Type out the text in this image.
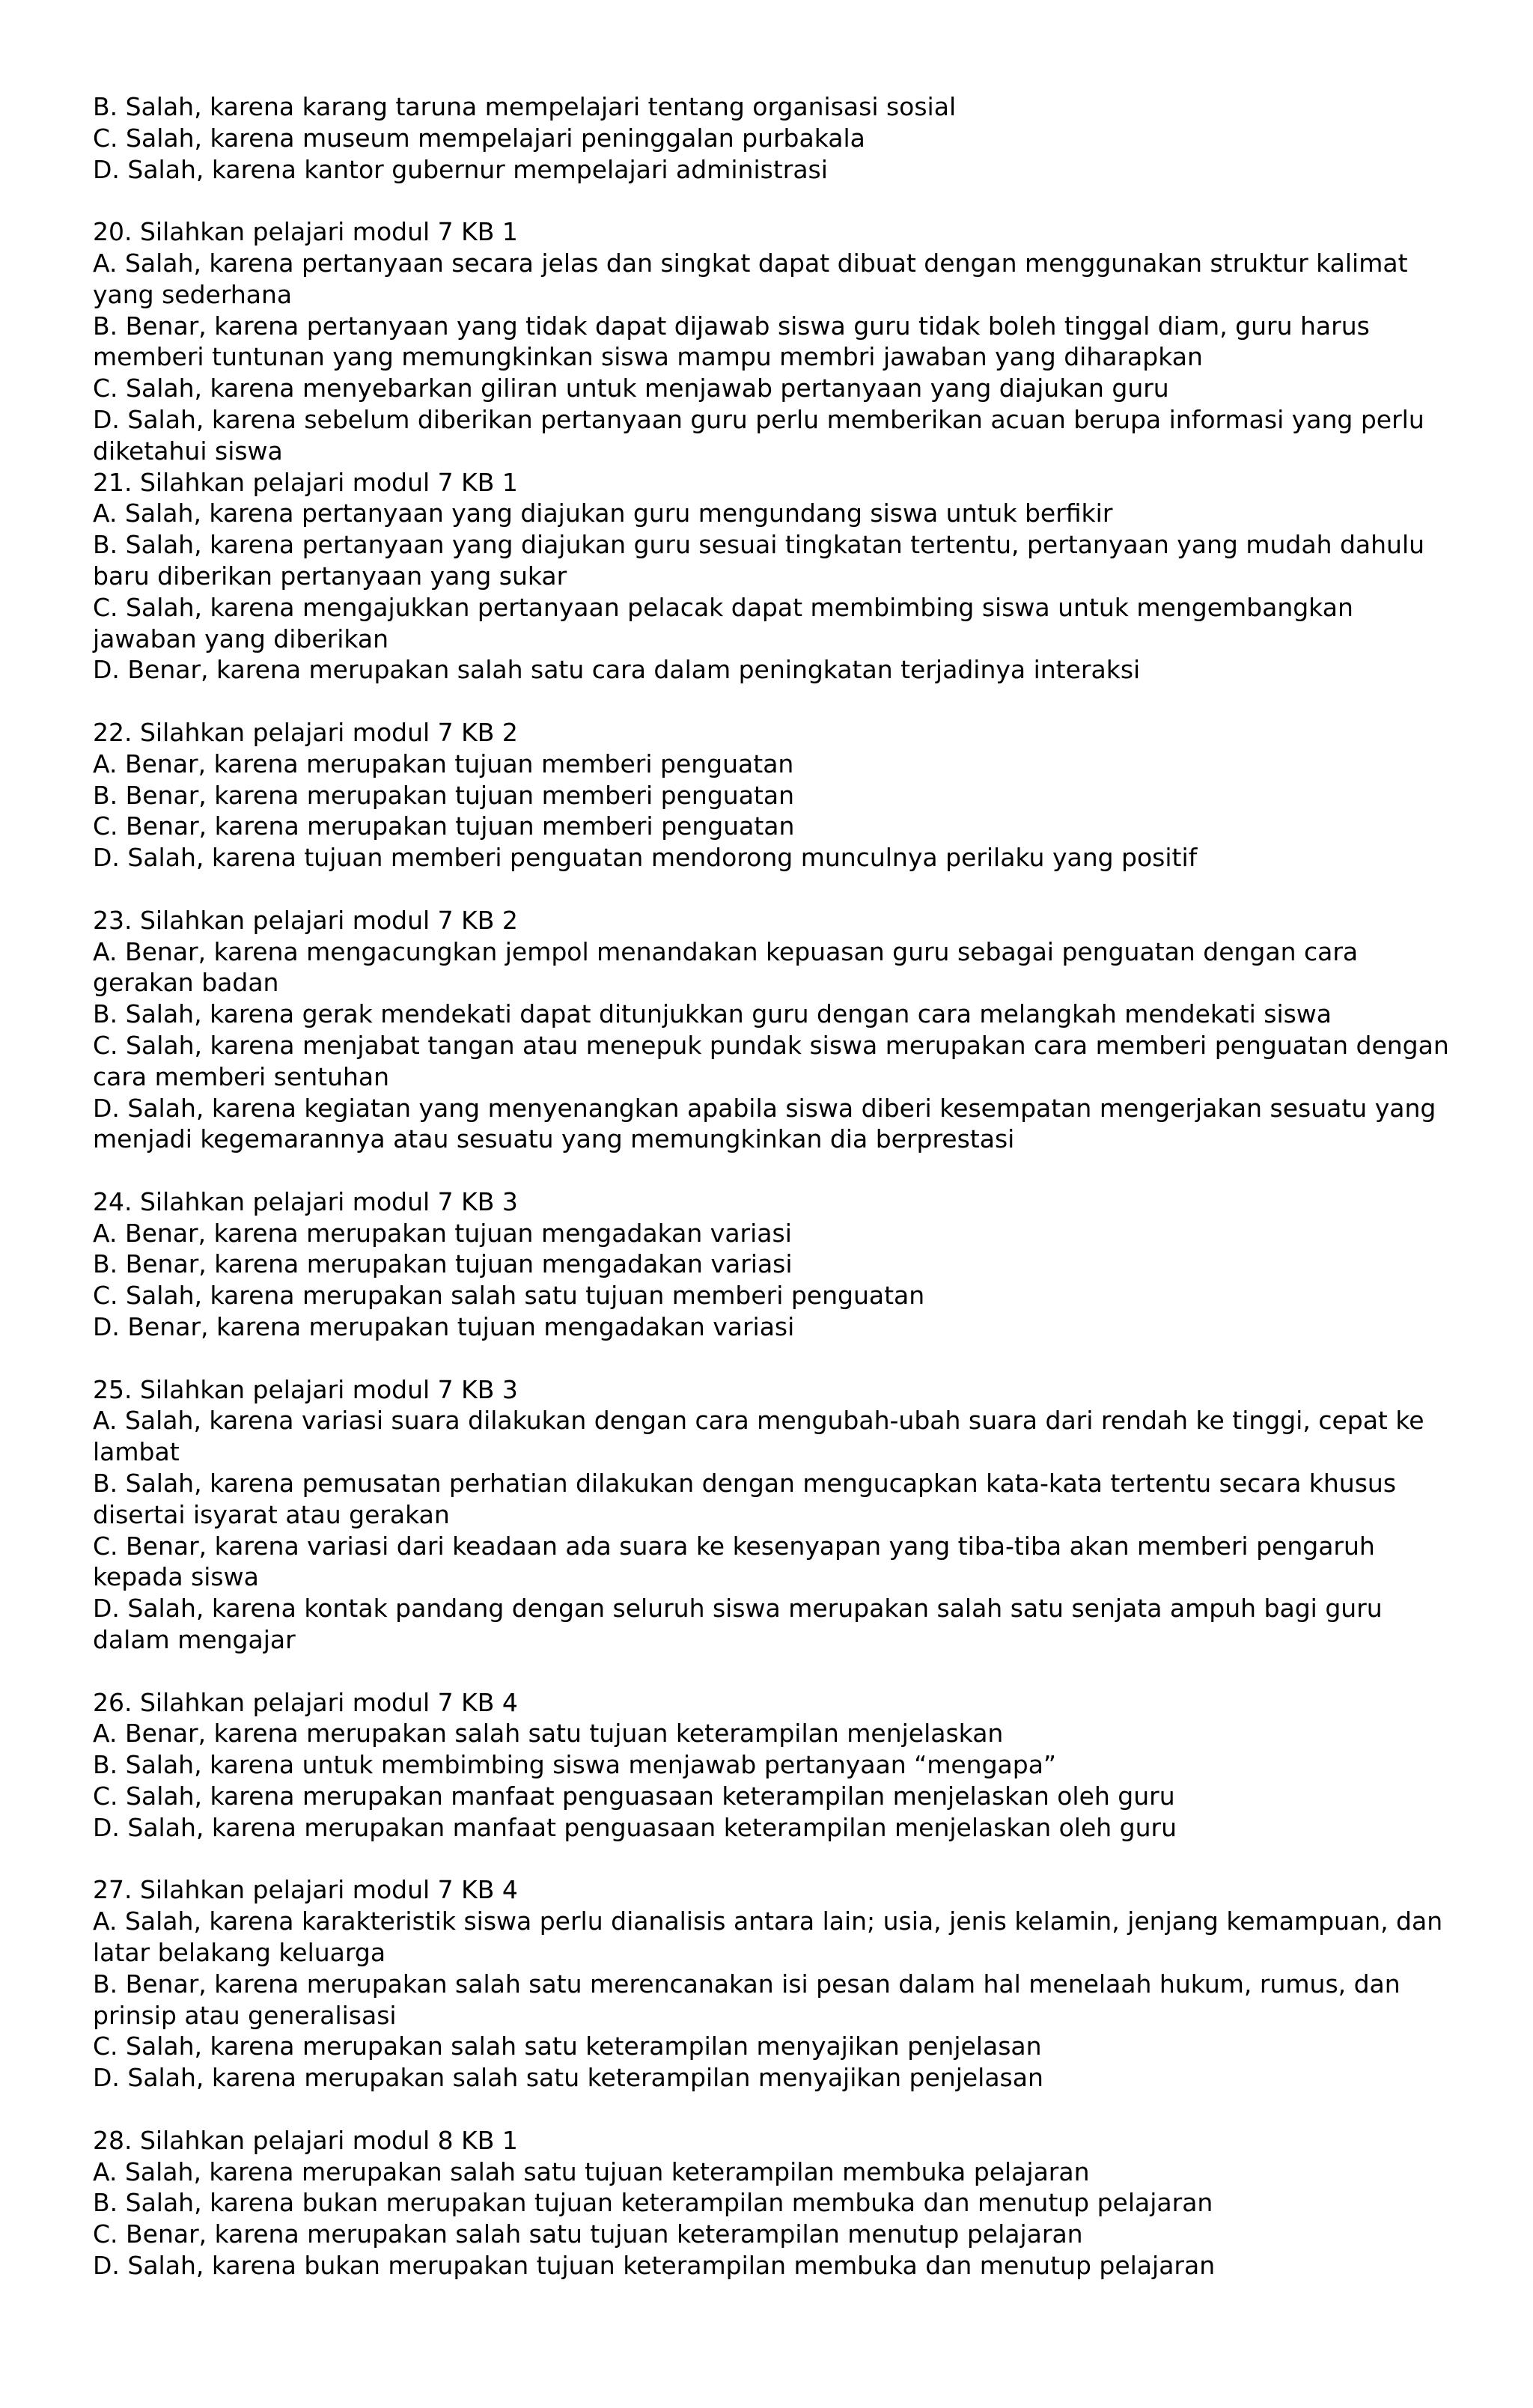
B. Salah, karena karang taruna mempelajari tentang organisasi sosial
C. Salah, karena museum mempelajari peninggalan purbakala
D. Salah, karena kantor gubernur mempelajari administrasi
20. Silahkan pelajari modul 7 KB 1
A. Salah, karena pertanyaan secara jelas dan singkat dapat dibuat dengan menggunakan struktur kalimat yang sederhana
B. Benar, karena pertanyaan yang tidak dapat dijawab siswa guru tidak boleh tinggal diam, guru harus memberi tuntunan yang memungkinkan siswa mampu membri jawaban yang diharapkan
C. Salah, karena menyebarkan giliran untuk menjawab pertanyaan yang diajukan guru
D. Salah, karena sebelum diberikan pertanyaan guru perlu memberikan acuan berupa informasi yang perlu diketahui siswa
21. Silahkan pelajari modul 7 KB 1
A. Salah, karena pertanyaan yang diajukan guru mengundang siswa untuk berfikir
B. Salah, karena pertanyaan yang diajukan guru sesuai tingkatan tertentu, pertanyaan yang mudah dahulu baru diberikan pertanyaan yang sukar
C. Salah, karena mengajukkan pertanyaan pelacak dapat membimbing siswa untuk mengembangkan jawaban yang diberikan
D. Benar, karena merupakan salah satu cara dalam peningkatan terjadinya interaksi
22. Silahkan pelajari modul 7 KB 2
A. Benar, karena merupakan tujuan memberi penguatan
B. Benar, karena merupakan tujuan memberi penguatan
C. Benar, karena merupakan tujuan memberi penguatan
D. Salah, karena tujuan memberi penguatan mendorong munculnya perilaku yang positif
23. Silahkan pelajari modul 7 KB 2
A. Benar, karena mengacungkan jempol menandakan kepuasan guru sebagai penguatan dengan cara gerakan badan
B. Salah, karena gerak mendekati dapat ditunjukkan guru dengan cara melangkah mendekati siswa
C. Salah, karena menjabat tangan atau menepuk pundak siswa merupakan cara memberi penguatan dengan cara memberi sentuhan
D. Salah, karena kegiatan yang menyenangkan apabila siswa diberi kesempatan mengerjakan sesuatu yang menjadi kegemarannya atau sesuatu yang memungkinkan dia berprestasi
24. Silahkan pelajari modul 7 KB 3
A. Benar, karena merupakan tujuan mengadakan variasi
B. Benar, karena merupakan tujuan mengadakan variasi
C. Salah, karena merupakan salah satu tujuan memberi penguatan
D. Benar, karena merupakan tujuan mengadakan variasi
25. Silahkan pelajari modul 7 KB 3
A. Salah, karena variasi suara dilakukan dengan cara mengubah-ubah suara dari rendah ke tinggi, cepat ke lambat
B. Salah, karena pemusatan perhatian dilakukan dengan mengucapkan kata-kata tertentu secara khusus disertai isyarat atau gerakan
C. Benar, karena variasi dari keadaan ada suara ke kesenyapan yang tiba-tiba akan memberi pengaruh kepada siswa
D. Salah, karena kontak pandang dengan seluruh siswa merupakan salah satu senjata ampuh bagi guru dalam mengajar
26. Silahkan pelajari modul 7 KB 4
A. Benar, karena merupakan salah satu tujuan keterampilan menjelaskan
B. Salah, karena untuk membimbing siswa menjawab pertanyaan “mengapa”
C. Salah, karena merupakan manfaat penguasaan keterampilan menjelaskan oleh guru
D. Salah, karena merupakan manfaat penguasaan keterampilan menjelaskan oleh guru
27. Silahkan pelajari modul 7 KB 4
A. Salah, karena karakteristik siswa perlu dianalisis antara lain; usia, jenis kelamin, jenjang kemampuan, dan latar belakang keluarga
B. Benar, karena merupakan salah satu merencanakan isi pesan dalam hal menelaah hukum, rumus, dan prinsip atau generalisasi
C. Salah, karena merupakan salah satu keterampilan menyajikan penjelasan
D. Salah, karena merupakan salah satu keterampilan menyajikan penjelasan
28. Silahkan pelajari modul 8 KB 1
A. Salah, karena merupakan salah satu tujuan keterampilan membuka pelajaran
B. Salah, karena bukan merupakan tujuan keterampilan membuka dan menutup pelajaran
C. Benar, karena merupakan salah satu tujuan keterampilan menutup pelajaran
D. Salah, karena bukan merupakan tujuan keterampilan membuka dan menutup pelajaran
